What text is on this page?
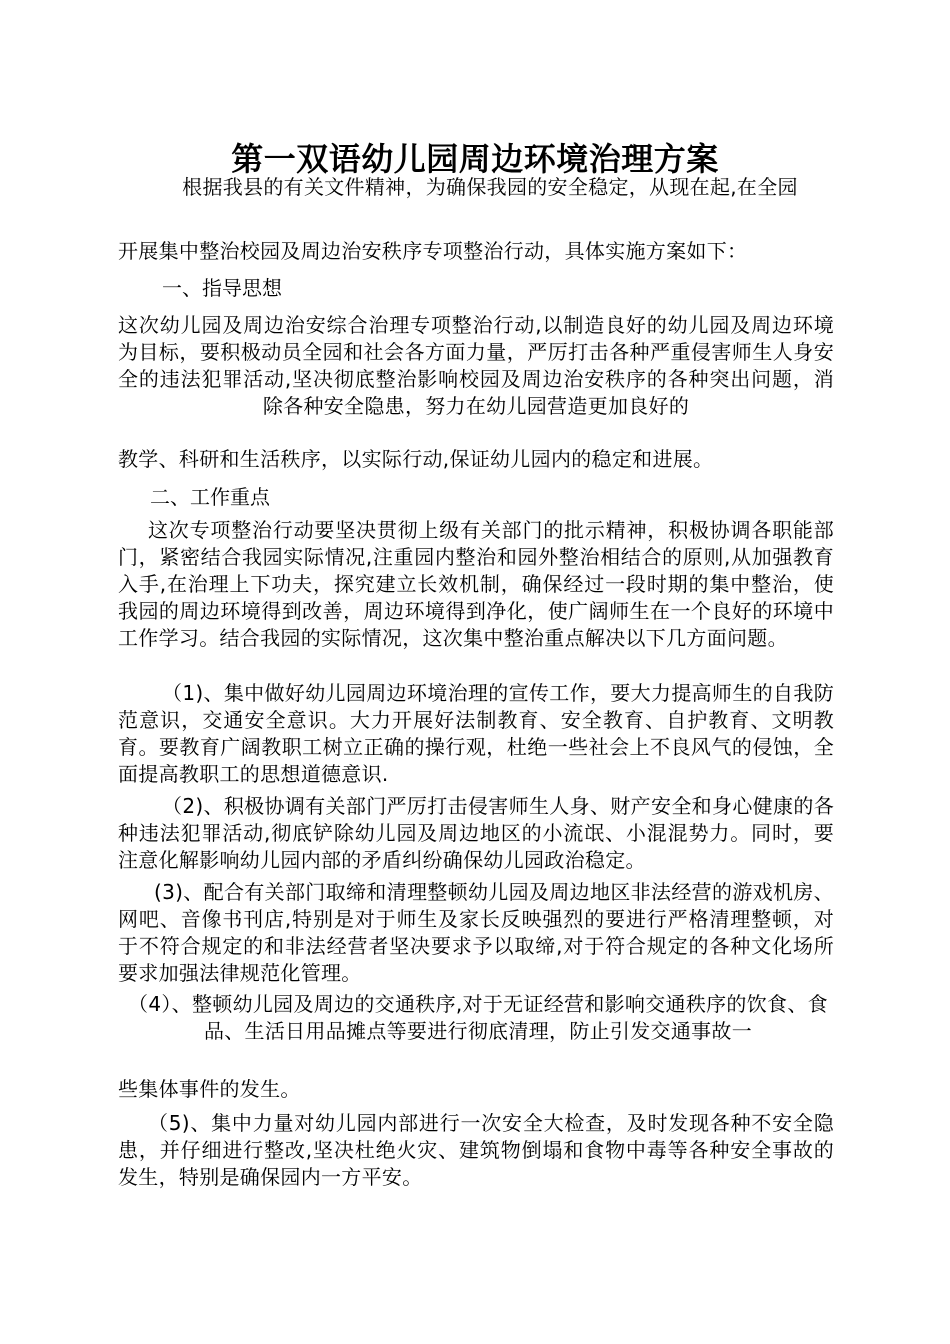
第一双语幼儿园周边环境治理方案

根据我县的有关文件精神，为确保我园的安全稳定，从现在起,在全园

开展集中整治校园及周边治安秩序专项整治行动，具体实施方案如下：

一、指导思想

这次幼儿园及周边治安综合治理专项整治行动,以制造良好的幼儿园及周边环境为目标，要积极动员全园和社会各方面力量，严厉打击各种严重侵害师生人身安全的违法犯罪活动,坚决彻底整治影响校园及周边治安秩序的各种突出问题，消除各种安全隐患，努力在幼儿园营造更加良好的

教学、科研和生活秩序，以实际行动,保证幼儿园内的稳定和进展。

二、工作重点

这次专项整治行动要坚决贯彻上级有关部门的批示精神，积极协调各职能部门，紧密结合我园实际情况,注重园内整治和园外整治相结合的原则,从加强教育入手,在治理上下功夫，探究建立长效机制，确保经过一段时期的集中整治，使我园的周边环境得到改善，周边环境得到净化，使广阔师生在一个良好的环境中工作学习。结合我园的实际情况，这次集中整治重点解决以下几方面问题。

（1)、集中做好幼儿园周边环境治理的宣传工作，要大力提高师生的自我防范意识，交通安全意识。大力开展好法制教育、安全教育、自护教育、文明教育。要教育广阔教职工树立正确的操行观，杜绝一些社会上不良风气的侵蚀，全面提高教职工的思想道德意识.

（2)、积极协调有关部门严厉打击侵害师生人身、财产安全和身心健康的各种违法犯罪活动,彻底铲除幼儿园及周边地区的小流氓、小混混势力。同时，要注意化解影响幼儿园内部的矛盾纠纷确保幼儿园政治稳定。

(3)、配合有关部门取缔和清理整顿幼儿园及周边地区非法经营的游戏机房、网吧、音像书刊店,特别是对于师生及家长反映强烈的要进行严格清理整顿，对于不符合规定的和非法经营者坚决要求予以取缔,对于符合规定的各种文化场所要求加强法律规范化管理。

（4）、整顿幼儿园及周边的交通秩序,对于无证经营和影响交通秩序的饮食、食品、生活日用品摊点等要进行彻底清理，防止引发交通事故一

些集体事件的发生。

（5)、集中力量对幼儿园内部进行一次安全大检查，及时发现各种不安全隐患，并仔细进行整改,坚决杜绝火灾、建筑物倒塌和食物中毒等各种安全事故的发生，特别是确保园内一方平安。
